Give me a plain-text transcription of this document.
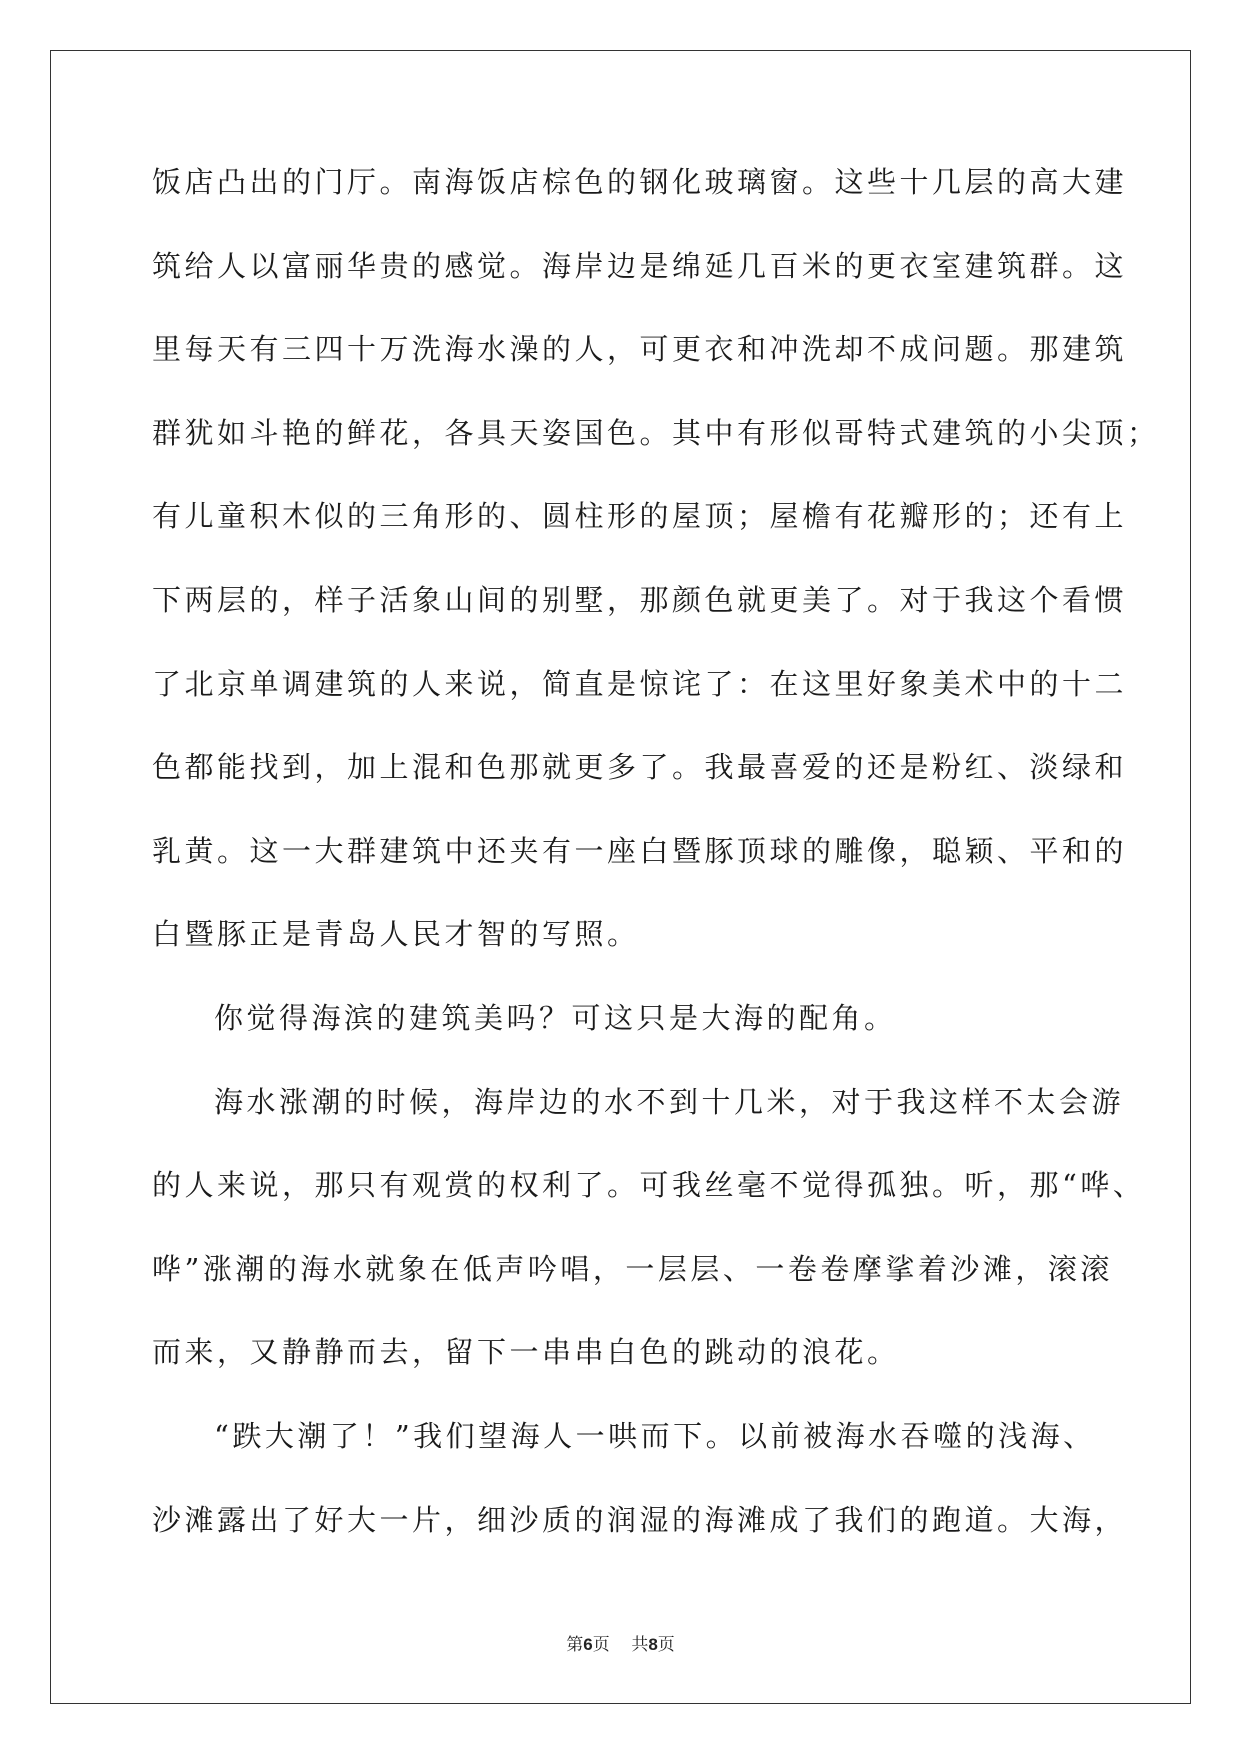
饭店凸出的门厅。南海饭店棕色的钢化玻璃窗。这些十几层的高大建
筑给人以富丽华贵的感觉。海岸边是绵延几百米的更衣室建筑群。这
里每天有三四十万洗海水澡的人，可更衣和冲洗却不成问题。那建筑
群犹如斗艳的鲜花，各具天姿国色。其中有形似哥特式建筑的小尖顶；
有儿童积木似的三角形的、圆柱形的屋顶；屋檐有花瓣形的；还有上
下两层的，样子活象山间的别墅，那颜色就更美了。对于我这个看惯
了北京单调建筑的人来说，简直是惊诧了：在这里好象美术中的十二
色都能找到，加上混和色那就更多了。我最喜爱的还是粉红、淡绿和
乳黄。这一大群建筑中还夹有一座白暨豚顶球的雕像，聪颖、平和的
白暨豚正是青岛人民才智的写照。
你觉得海滨的建筑美吗？可这只是大海的配角。
海水涨潮的时候，海岸边的水不到十几米，对于我这样不太会游
的人来说，那只有观赏的权利了。可我丝毫不觉得孤独。听，那“哗、
哗”涨潮的海水就象在低声吟唱，一层层、一卷卷摩挲着沙滩，滚滚
而来，又静静而去，留下一串串白色的跳动的浪花。
“跌大潮了！”我们望海人一哄而下。以前被海水吞噬的浅海、
沙滩露出了好大一片，细沙质的润湿的海滩成了我们的跑道。大海，
第6页 共8页
